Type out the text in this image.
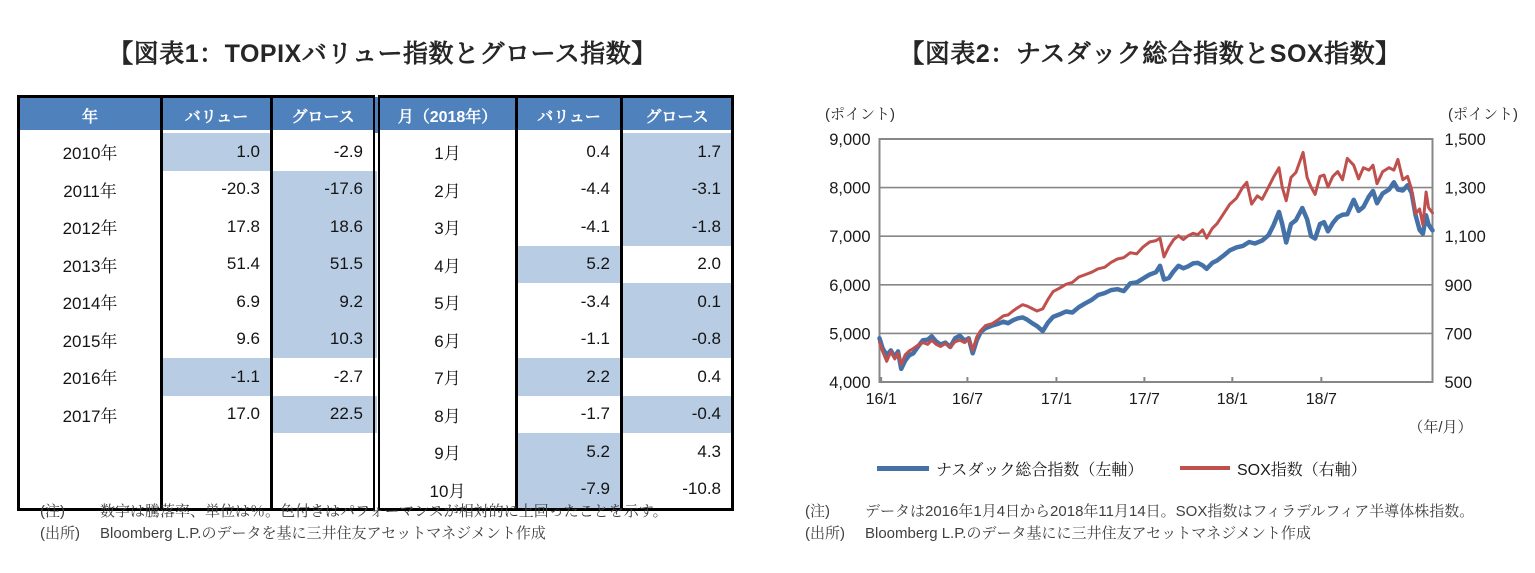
【図表1：TOPIXバリュー指数とグロース指数】
年	バリュー	グロース	月（2018年）	バリュー	グロース
2010年	1.0	-2.9	1月	0.4	1.7
2011年	-20.3	-17.6	2月	-4.4	-3.1
2012年	17.8	18.6	3月	-4.1	-1.8
2013年	51.4	51.5	4月	5.2	2.0
2014年	6.9	9.2	5月	-3.4	0.1
2015年	9.6	10.3	6月	-1.1	-0.8
2016年	-1.1	-2.7	7月	2.2	0.4
2017年	17.0	22.5	8月	-1.7	-0.4
			9月	5.2	4.3
			10月	-7.9	-10.8
(注)	数字は騰落率、単位は％。色付きはパフォーマンスが相対的に上回ったことを示す。
(出所)	Bloomberg L.P.のデータを基に三井住友アセットマネジメント作成
【図表2：ナスダック総合指数とSOX指数】
(ポイント)	(ポイント)
9,000
8,000
7,000
6,000
5,000
4,000
1,500
1,300
1,100
900
700
500
16/1	16/7	17/1	17/7	18/1	18/7
（年/月）
ナスダック総合指数（左軸）	SOX指数（右軸）
(注)	データは2016年1月4日から2018年11月14日。SOX指数はフィラデルフィア半導体株指数。
(出所)	Bloomberg L.P.のデータ基にに三井住友アセットマネジメント作成
